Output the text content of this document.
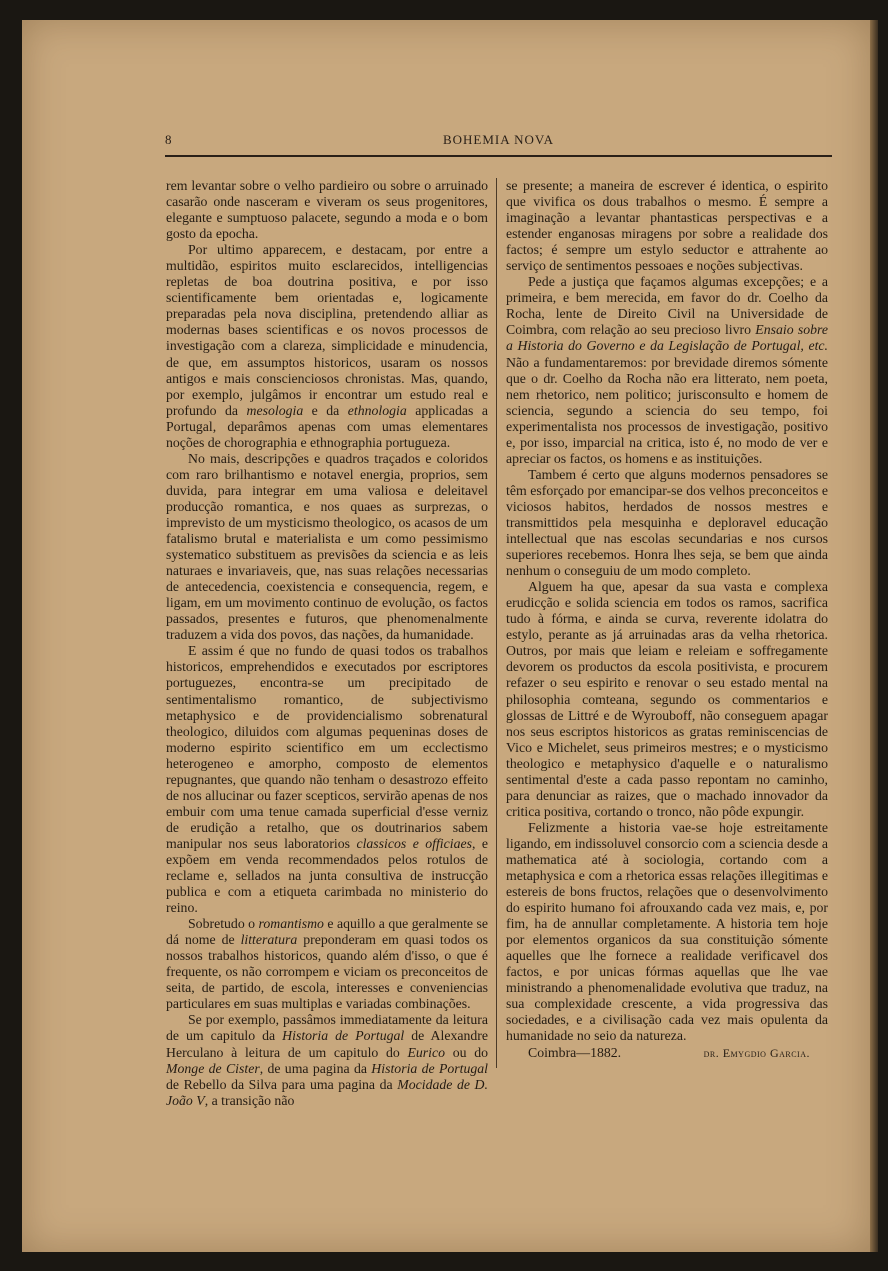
8	BOHEMIA NOVA

rem levantar sobre o velho pardieiro ou sobre o arruinado casarão onde nasceram e viveram os seus progenitores, elegante e sumptuoso palacete, segundo a moda e o bom gosto da epocha.

Por ultimo apparecem, e destacam, por entre a multidão, espiritos muito esclarecidos, intelligencias repletas de boa doutrina positiva, e por isso scientificamente bem orientadas e, logicamente preparadas pela nova disciplina, pretendendo alliar as modernas bases scientificas e os novos processos de investigação com a clareza, simplicidade e minudencia, de que, em assumptos historicos, usaram os nossos antigos e mais conscienciosos chronistas. Mas, quando, por exemplo, julgâmos ir encontrar um estudo real e profundo da mesologia e da ethnologia applicadas a Portugal, deparâmos apenas com umas elementares noções de chorographia e ethnographia portugueza.

No mais, descripções e quadros traçados e coloridos com raro brilhantismo e notavel energia, proprios, sem duvida, para integrar em uma valiosa e deleitavel producção romantica, e nos quaes as surprezas, o imprevisto de um mysticismo theologico, os acasos de um fatalismo brutal e materialista e um como pessimismo systematico substituem as previsões da sciencia e as leis naturaes e invariaveis, que, nas suas relações necessarias de antecedencia, coexistencia e consequencia, regem, e ligam, em um movimento continuo de evolução, os factos passados, presentes e futuros, que phenomenalmente traduzem a vida dos povos, das nações, da humanidade.

E assim é que no fundo de quasi todos os trabalhos historicos, emprehendidos e executados por escriptores portuguezes, encontra-se um precipitado de sentimentalismo romantico, de subjectivismo metaphysico e de providencialismo sobrenatural theologico, diluidos com algumas pequeninas doses de moderno espirito scientifico em um ecclectismo heterogeneo e amorpho, composto de elementos repugnantes, que quando não tenham o desastrozo effeito de nos allucinar ou fazer scepticos, servirão apenas de nos embuir com uma tenue camada superficial d'esse verniz de erudição a retalho, que os doutrinarios sabem manipular nos seus laboratorios classicos e officiaes, e expõem em venda recommendados pelos rotulos de reclame e, sellados na junta consultiva de instrucção publica e com a etiqueta carimbada no ministerio do reino.

Sobretudo o romantismo e aquillo a que geralmente se dá nome de litteratura preponderam em quasi todos os nossos trabalhos historicos, quando além d'isso, o que é frequente, os não corrompem e viciam os preconceitos de seita, de partido, de escola, interesses e conveniencias particulares em suas multiplas e variadas combinações.

Se por exemplo, passâmos immediatamente da leitura de um capitulo da Historia de Portugal de Alexandre Herculano à leitura de um capitulo do Eurico ou do Monge de Cister, de uma pagina da Historia de Portugal de Rebello da Silva para uma pagina da Mocidade de D. João V, a transição não

se presente; a maneira de escrever é identica, o espirito que vivifica os dous trabalhos o mesmo. É sempre a imaginação a levantar phantasticas perspectivas e a estender enganosas miragens por sobre a realidade dos factos; é sempre um estylo seductor e attrahente ao serviço de sentimentos pessoaes e noções subjectivas.

Pede a justiça que façamos algumas excepções; e a primeira, e bem merecida, em favor do dr. Coelho da Rocha, lente de Direito Civil na Universidade de Coimbra, com relação ao seu precioso livro Ensaio sobre a Historia do Governo e da Legislação de Portugal, etc. Não a fundamentaremos: por brevidade diremos sómente que o dr. Coelho da Rocha não era litterato, nem poeta, nem rhetorico, nem politico; jurisconsulto e homem de sciencia, segundo a sciencia do seu tempo, foi experimentalista nos processos de investigação, positivo e, por isso, imparcial na critica, isto é, no modo de ver e apreciar os factos, os homens e as instituições.

Tambem é certo que alguns modernos pensadores se têm esforçado por emancipar-se dos velhos preconceitos e viciosos habitos, herdados de nossos mestres e transmittidos pela mesquinha e deploravel educação intellectual que nas escolas secundarias e nos cursos superiores recebemos. Honra lhes seja, se bem que ainda nenhum o conseguiu de um modo completo.

Alguem ha que, apesar da sua vasta e complexa erudicção e solida sciencia em todos os ramos, sacrifica tudo à fórma, e ainda se curva, reverente idolatra do estylo, perante as já arruinadas aras da velha rhetorica. Outros, por mais que leiam e releiam e soffregamente devorem os productos da escola positivista, e procurem refazer o seu espirito e renovar o seu estado mental na philosophia comteana, segundo os commentarios e glossas de Littré e de Wyrouboff, não conseguem apagar nos seus escriptos historicos as gratas reminiscencias de Vico e Michelet, seus primeiros mestres; e o mysticismo theologico e metaphysico d'aquelle e o naturalismo sentimental d'este a cada passo repontam no caminho, para denunciar as raizes, que o machado innovador da critica positiva, cortando o tronco, não pôde expungir.

Felizmente a historia vae-se hoje estreitamente ligando, em indissoluvel consorcio com a sciencia desde a mathematica até à sociologia, cortando com a metaphysica e com a rhetorica essas relações illegitimas e estereis de bons fructos, relações que o desenvolvimento do espirito humano foi afrouxando cada vez mais, e, por fim, ha de annullar completamente. A historia tem hoje por elementos organicos da sua constituição sómente aquelles que lhe fornece a realidade verificavel dos factos, e por unicas fórmas aquellas que lhe vae ministrando a phenomenalidade evolutiva que traduz, na sua complexidade crescente, a vida progressiva das sociedades, e a civilisação cada vez mais opulenta da humanidade no seio da natureza.

Coimbra—1882.	dr. Emygdio Garcia.
